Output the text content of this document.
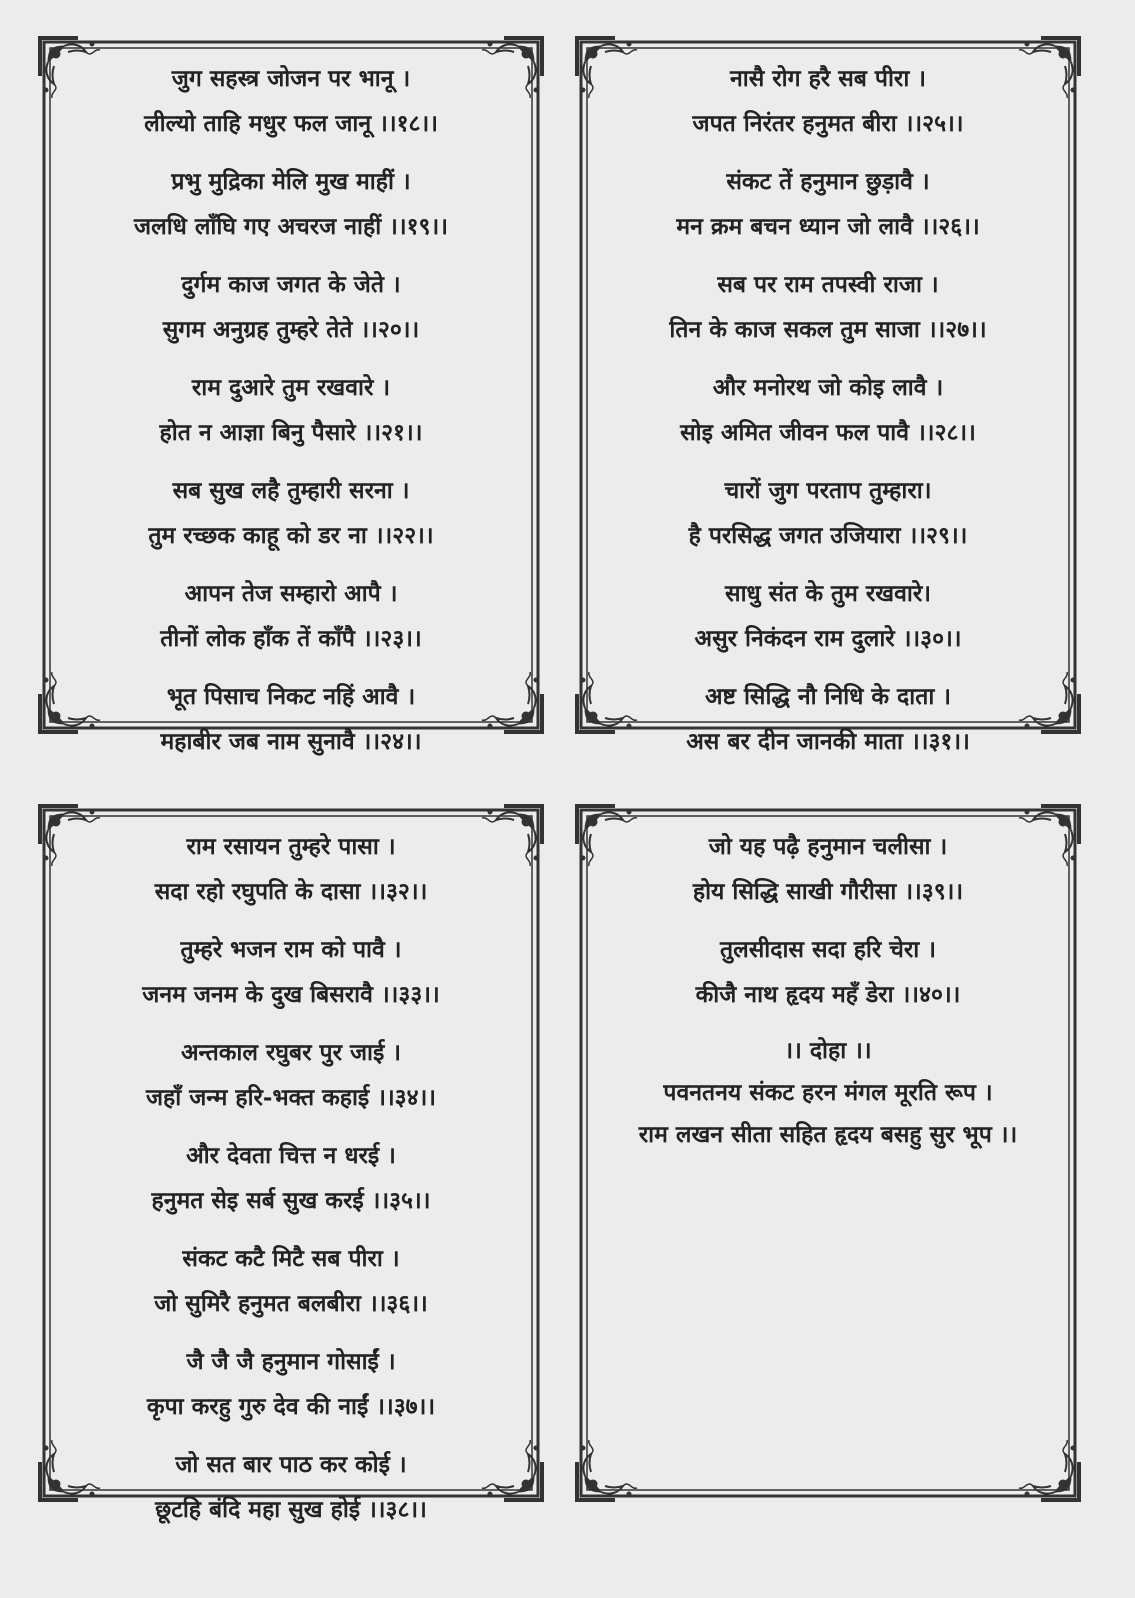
जुग सहस्त्र जोजन पर भानू ।
लील्यो ताहि मधुर फल जानू ।।१८।।
प्रभु मुद्रिका मेलि मुख माहीं ।
जलधि लाँघि गए अचरज नाहीं ।।१९।।
दुर्गम काज जगत के जेते ।
सुगम अनुग्रह तुम्हरे तेते ।।२०।।
राम दुआरे तुम रखवारे ।
होत न आज्ञा बिनु पैसारे ।।२१।।
सब सुख लहै तुम्हारी सरना ।
तुम रच्छक काहू को डर ना ।।२२।।
आपन तेज सम्हारो आपै ।
तीनों लोक हाँक तें काँपै ।।२३।।
भूत पिसाच निकट नहिं आवै ।
महाबीर जब नाम सुनावै ।।२४।।
नासै रोग हरै सब पीरा ।
जपत निरंतर हनुमत बीरा ।।२५।।
संकट तें हनुमान छुड़ावै ।
मन क्रम बचन ध्यान जो लावै ।।२६।।
सब पर राम तपस्वी राजा ।
तिन के काज सकल तुम साजा ।।२७।।
और मनोरथ जो कोइ लावै ।
सोइ अमित जीवन फल पावै ।।२८।।
चारों जुग परताप तुम्हारा।
है परसिद्ध जगत उजियारा ।।२९।।
साधु संत के तुम रखवारे।
असुर निकंदन राम दुलारे ।।३०।।
अष्ट सिद्धि नौ निधि के दाता ।
अस बर दीन जानकी माता ।।३१।।
राम रसायन तुम्हरे पासा ।
सदा रहो रघुपति के दासा ।।३२।।
तुम्हरे भजन राम को पावै ।
जनम जनम के दुख बिसरावै ।।३३।।
अन्तकाल रघुबर पुर जाई ।
जहाँ जन्म हरि-भक्त कहाई ।।३४।।
और देवता चित्त न धरई ।
हनुमत सेइ सर्ब सुख करई ।।३५।।
संकट कटै मिटै सब पीरा ।
जो सुमिरै हनुमत बलबीरा ।।३६।।
जै जै जै हनुमान गोसाईं ।
कृपा करहु गुरु देव की नाईं ।।३७।।
जो सत बार पाठ कर कोई ।
छूटहि बंदि महा सुख होई ।।३८।।
जो यह पढ़ै हनुमान चलीसा ।
होय सिद्धि साखी गौरीसा ।।३९।।
तुलसीदास सदा हरि चेरा ।
कीजै नाथ हृदय महँ डेरा ।।४०।।
।। दोहा ।।
पवनतनय संकट हरन मंगल मूरति रूप ।
राम लखन सीता सहित हृदय बसहु सुर भूप ।।
